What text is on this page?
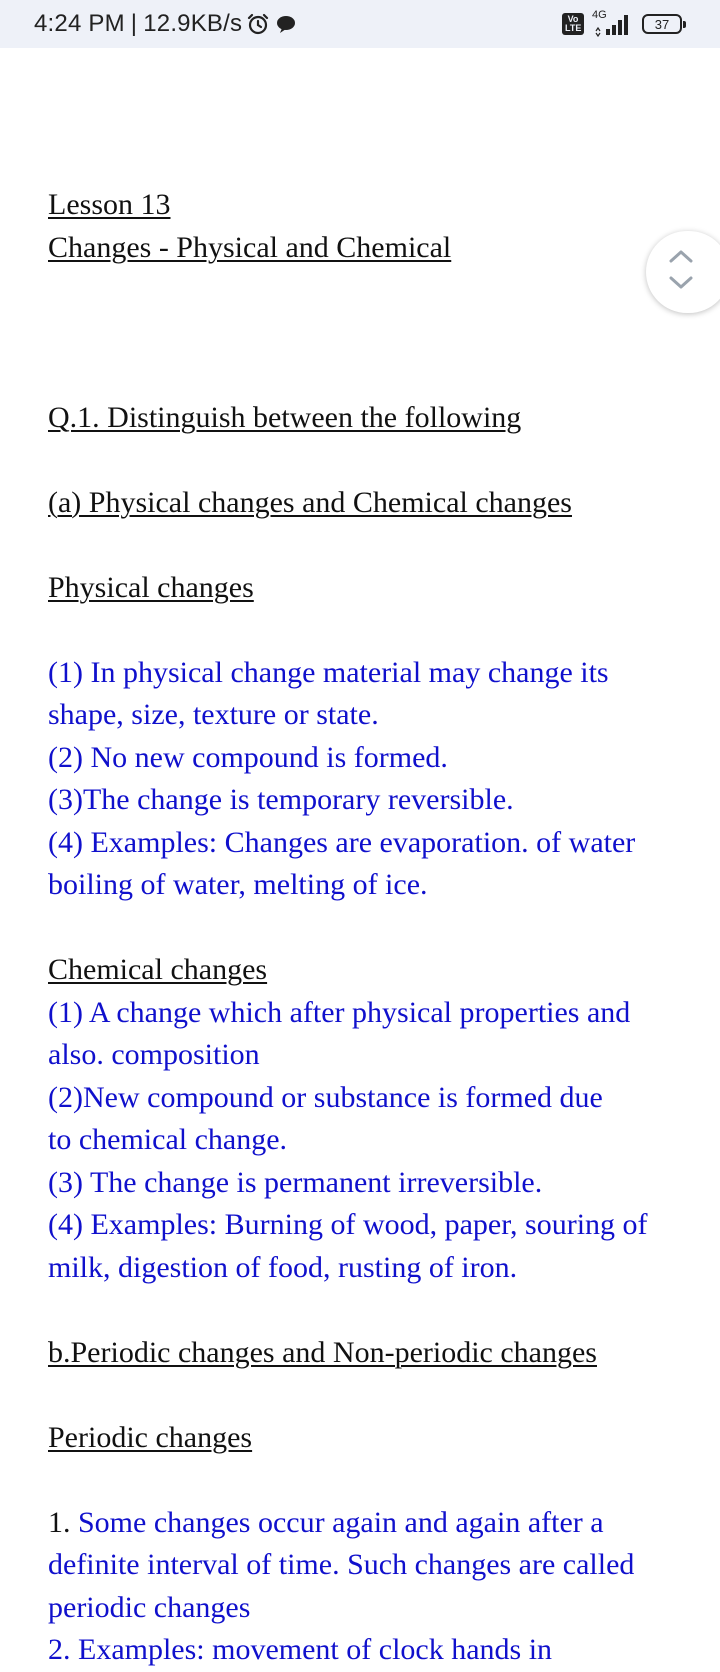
4:24 PM | 12.9KB/s	Vo
LTE
4G
37

Lesson 13

Changes - Physical and Chemical

Q.1. Distinguish between the following

(a) Physical changes and Chemical changes

Physical changes

(1) In physical change material may change its shape, size, texture or state.

(2) No new compound is formed.

(3)The change is temporary reversible.

(4) Examples: Changes are evaporation. of water boiling of water, melting of ice.

Chemical changes

(1) A change which after physical properties and also. composition

(2)New compound or substance is formed due to chemical change.

(3) The change is permanent irreversible.

(4) Examples: Burning of wood, paper, souring of milk, digestion of food, rusting of iron.

b.Periodic changes and Non-periodic changes

Periodic changes

1. Some changes occur again and again after a definite interval of time. Such changes are called periodic changes

2. Examples: movement of clock hands in
